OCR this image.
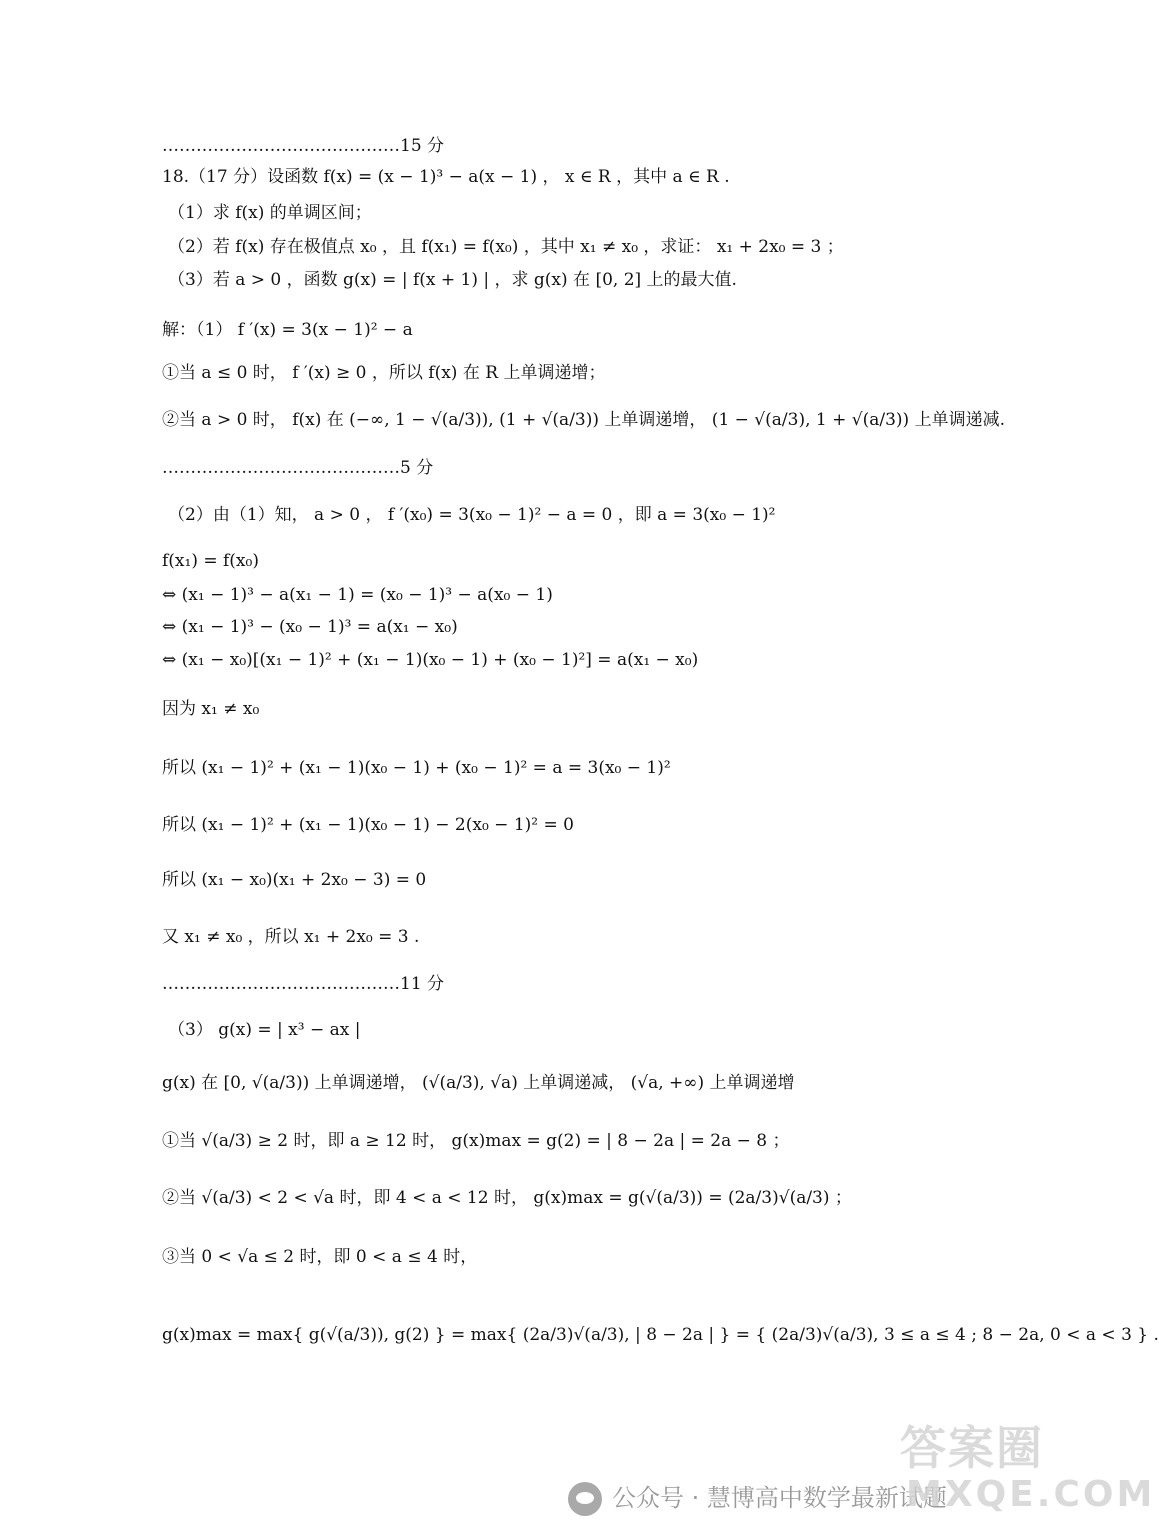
……………………………………15 分
18.（17 分）设函数 f(x) = (x − 1)³ − a(x − 1) ， x ∈ R ，其中 a ∈ R .
（1）求 f(x) 的单调区间；
（2）若 f(x) 存在极值点 x₀ ，且 f(x₁) = f(x₀) ，其中 x₁ ≠ x₀ ，求证： x₁ + 2x₀ = 3 ；
（3）若 a > 0 ，函数 g(x) = | f(x + 1) | ，求 g(x) 在 [0, 2] 上的最大值.
解：（1） f ′(x) = 3(x − 1)² − a
①当 a ≤ 0 时， f ′(x) ≥ 0 ，所以 f(x) 在 R 上单调递增；
②当 a > 0 时， f(x) 在 (−∞, 1 − √(a/3)), (1 + √(a/3)) 上单调递增， (1 − √(a/3), 1 + √(a/3)) 上单调递减.
……………………………………5 分
（2）由（1）知， a > 0 ， f ′(x₀) = 3(x₀ − 1)² − a = 0 ，即 a = 3(x₀ − 1)²
f(x₁) = f(x₀)
⇔ (x₁ − 1)³ − a(x₁ − 1) = (x₀ − 1)³ − a(x₀ − 1)
⇔ (x₁ − 1)³ − (x₀ − 1)³ = a(x₁ − x₀)
⇔ (x₁ − x₀)[(x₁ − 1)² + (x₁ − 1)(x₀ − 1) + (x₀ − 1)²] = a(x₁ − x₀)
因为 x₁ ≠ x₀
所以 (x₁ − 1)² + (x₁ − 1)(x₀ − 1) + (x₀ − 1)² = a = 3(x₀ − 1)²
所以 (x₁ − 1)² + (x₁ − 1)(x₀ − 1) − 2(x₀ − 1)² = 0
所以 (x₁ − x₀)(x₁ + 2x₀ − 3) = 0
又 x₁ ≠ x₀ ，所以 x₁ + 2x₀ = 3 .
……………………………………11 分
（3） g(x) = | x³ − ax |
g(x) 在 [0, √(a/3)) 上单调递增， (√(a/3), √a) 上单调递减， (√a, +∞) 上单调递增
①当 √(a/3) ≥ 2 时，即 a ≥ 12 时， g(x)max = g(2) = | 8 − 2a | = 2a − 8 ；
②当 √(a/3) < 2 < √a 时，即 4 < a < 12 时， g(x)max = g(√(a/3)) = (2a/3)√(a/3) ；
③当 0 < √a ≤ 2 时，即 0 < a ≤ 4 时，
g(x)max = max{ g(√(a/3)), g(2) } = max{ (2a/3)√(a/3), | 8 − 2a | } = { (2a/3)√(a/3), 3 ≤ a ≤ 4 ; 8 − 2a, 0 < a < 3 } .
公众号 · 慧博高中数学最新试题
答案圈
MXQE.COM
